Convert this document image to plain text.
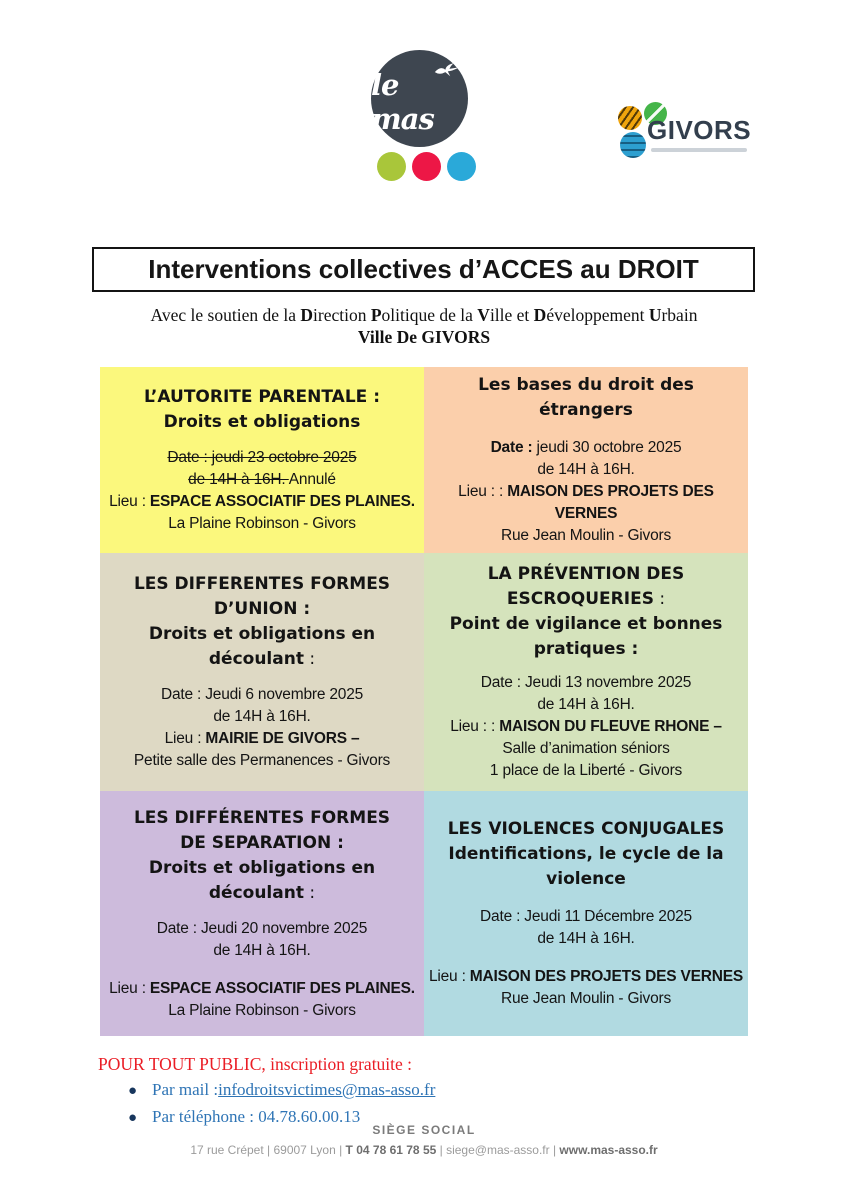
le mas	GIVORS
Interventions collectives d’ACCES au DROIT
Avec le soutien de la Direction Politique de la Ville et Développement Urbain
Ville De GIVORS
L’AUTORITE PARENTALE :
Droits et obligations
Date : jeudi 23 octobre 2025
de 14H à 16H. Annulé
Lieu : ESPACE ASSOCIATIF DES PLAINES.
La Plaine Robinson - Givors
Les bases du droit des
étrangers
Date : jeudi 30 octobre 2025
de 14H à 16H.
Lieu : : MAISON DES PROJETS DES
VERNES
Rue Jean Moulin - Givors
LES DIFFERENTES FORMES
D’UNION :
Droits et obligations en
découlant :
Date : Jeudi 6 novembre 2025
de 14H à 16H.
Lieu : MAIRIE DE GIVORS –
Petite salle des Permanences - Givors
LA PRÉVENTION DES
ESCROQUERIES :
Point de vigilance et bonnes
pratiques :
Date : Jeudi 13 novembre 2025
de 14H à 16H.
Lieu : : MAISON DU FLEUVE RHONE –
Salle d’animation séniors
1 place de la Liberté - Givors
LES DIFFÉRENTES FORMES
DE SEPARATION :
Droits et obligations en
découlant :
Date : Jeudi 20 novembre 2025
de 14H à 16H.
Lieu : ESPACE ASSOCIATIF DES PLAINES.
La Plaine Robinson - Givors
LES VIOLENCES CONJUGALES
Identifications, le cycle de la
violence
Date : Jeudi 11 Décembre 2025
de 14H à 16H.
Lieu : MAISON DES PROJETS DES VERNES
Rue Jean Moulin - Givors
POUR TOUT PUBLIC, inscription gratuite :
● Par mail : infodroitsvictimes@mas-asso.fr
● Par téléphone : 04.78.60.00.13
SIÈGE SOCIAL
17 rue Crépet | 69007 Lyon | T 04 78 61 78 55 | siege@mas-asso.fr | www.mas-asso.fr
